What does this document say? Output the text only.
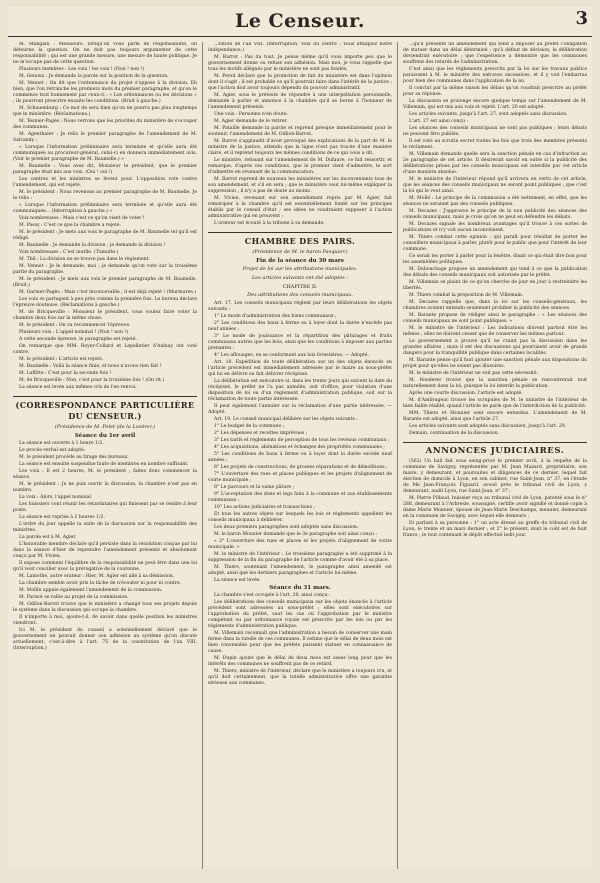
Le Censeur.	3

M. Mangain : Messieurs, lorsqu'on vous parle de responsabilité, on détourne la question. On ne doit pas toujours argumenter de cette responsabilité ; qui est une grande mesure, une mesure de haute politique. Je ne m'occupe pas de cette question.

Plusieurs membres : Les voix ! les voix ! (Non ! non !)

M. Genoux : Je demande la parole sur la position de la question.

M. Vennet : On dit que l'ordonnance du projet s'oppose à la division. Eh bien, que l'on retranche les premiers mots du premier paragraphe, et qu'on le commence tout bonnement par ceux-ci : « Les ordonnances ou les décisions » ; ils pourront prescrire ensuite les conditions. (Bruit à gauche.)

M. Schauenburg : Ce mot de sera bien qu'on ne pourra pas plus longtemps que le ministère. (Réclamations.)

M. Tesnier-Pagès : Nous verrons que les priorités du ministère de s'occuper des communes.

M. Agenthaler : Je relis le premier paragraphe de l'amendement de M. Salvandy :

« Lorsque l'information préliminaire sera terminée et qu'elle aura été communiquée au procureur-général, celui-ci en donnera immédiatement avis. (Voir le premier paragraphe de M. Baumelle.) »

M. Baumelle : Vous avez dit, Monsieur le président, que le premier paragraphe était mis aux voix. (Oui ! oui !)

Les centres et les ministres se lèvent pour. L'opposition vote contre l'amendement, qui est rejeté.

M. le président : Nous revenons au premier paragraphe de M. Baumelle. Je le relis :

« Lorsque l'information préliminaire sera terminée et qu'elle aura été communiquée... (Interruption à gauche.) »

Voix nombreuses : Mais c'est ce qu'on vient de voter !

M. Passy : C'est ce que la chambre a rejeté.

M. le président : Je mets aux voix le paragraphe de M. Baumelle tel qu'il est rédigé.

M. Baumelle : Je demande la division ; je demande la division !

Voix nombreuses : C'est inutile. (Tumulte.)

M. Thil : La division ne se trouve pas dans le règlement.

M. Vennet : Je le demande, moi ; je demande qu'on vote sur la troisième partie du paragraphe.

M. le président : Je mets aux voix le premier paragraphe de M. Baumelle. (Bruit.)

M. Garnier-Pagès : Mais c'est inconcevable ; il est déjà rejeté ! (Murmures.)

Les voix se partagent à peu près comme la première fois. Le bureau déclare l'épreuve douteuse. (Réclamations à gauche.)

M. de Bricqueville : Monsieur le président, vous voulez faire voter la chambre deux fois sur la même chose.

M. le président : On va recommencer l'épreuve.

Plusieurs voix : L'appel nominal ! (Non ! non !)

A cette seconde épreuve, le paragraphe est rejeté.

On remarque que MM. Royer-Collard et Lepelletier d'Aulnay ont voté contre.

M. le président : L'article est rejeté.

M. Baumelle : Voilà la séance finie, et nous n'avons rien fait !

M. Laffitte : C'est pour la seconde fois !

M. de Bricqueville : Non, c'est pour la troisième fois ! (On rit.)

La séance est levée aux mêmes cris de l'en renvoi.

(CORRESPONDANCE PARTICULIÈRE DU CENSEUR.)
(Présidence de M. Pelet (de la Lozère).)
Séance du 1er avril

La séance est ouverte à 1 heure 1/2.

Le procès-verbal est adopté.

M. le président procède au tirage des bureaux.

La séance est ensuite suspendue faute de membres en nombre suffisant.

Les voix : Il est 2 heures, M. le président ; faites donc commencer la séance.

M. le président : Je ne puis ouvrir la discussion, la chambre n'est pas en nombre.

La voix : Alors, l'appel nominal.

Les huissiers vont réunir les retardataires qui finissent par se rendre à leur poste.

La séance est reprise à 2 heures 1/2.

L'ordre du jour appelle la suite de la discussion sur la responsabilité des ministres.

La parole est à M. Agier.

L'honorable membre déclare qu'il persiste dans la résolution conçue par lui dans la séance d'hier de reprendre l'amendement présenté et absolument conçu par M. Vivien.

Il expose comment l'équilibre de la responsabilité ne peut être dans une loi qu'il veut concilier avec la prérogative de la couronne.

M. Lamothe, autre orateur : Hier, M. Agier est allé à sa démission.

La chambre semble avoir pris la tâche de n'écouter ni pour ni contre.

M. Mollin appuie également l'amendement de la commission.

M. Parisot se rallie au projet de la commission.

M. Odilon-Barrot trouve que le ministère a changé tous ses projets depuis le système dans la discussion qui occupe la chambre.

Il n'importe à moi, ajoute-t-il, de savoir dans quelle position les ministres viendront.

Ici M. le président du conseil a solennellement déclaré que le gouvernement ne pouvait donner son adhésion au système qu'on discute actuellement, c'est-à-dire à l'art. 75 de la constitution de l'an VIII. (Interruption.)

...tution de l'an VIII. (Interruption. Voix du centre : Vous attaquez notre indépendance.)

M. Barrot : Pas du tout. Je pense même qu'il vous importe peu que le gouvernement donne ou refuse son adhésion. Mais moi, je vous rappelle que tous les motifs allégués par le ministère ne sont pas fondés.

M. Persil déclare que la protection de fait du ministère est dans l'opinion dont il s'agit ; il est probable ce qu'il pourrait faire dans l'intérêt de la justice ; que l'action doit avoir toujours dépendu du pouvoir administratif.

M. Agier, sous le prétexte de répondre à une interpellation personnelle, demande à parler et annonce à la chambre qu'il se borne à l'honneur de l'amendement présenté.

Une voix : Personne n'en doute.

M. Agier demande de le retirer.

M. Pataille demande la parole et reprend presque immédiatement pour le soutenir, l'amendement de M. Odilon-Barrot.

M. Barrot s'applaudit d'avoir provoqué des explications de la part de M. le ministre de la justice, attendu que la ligne n'est pas tracée d'une manière claire, et il reprend toujours les mêmes conditions de ce qui vous a dit.

Le ministre, refusant sur l'amendement de M. Dufaure, ce fait ressortir, et remarque, d'après ces conditions, que le premier vient d'admettre, le sort d'admettre en revenant de la communication.

M. Barrot reprend de nouveau les ministères sur les inconvenients tous de son amendement, et s'il en sera ; que le ministère veut lui-même expliquer la suppression ; il n'y a pas de doute au moins.

M. Vivien, revenant sur son amendement repris par M. Agier, fait remarquer à la chambre qu'il est essentiellement fondé sur les principes établis par le conseil d'état ; ses idées ne voudraient supposer à l'action administrative qui en prouvent ;

L'orateur est écouté à la tribune à sa demande.

CHAMBRE DES PAIRS.
(Présidence de M. le baron Pasquier.)
Fin de la séance du 30 mars
Projet de loi sur les attributions municipales.
Les articles suivants ont été adoptés :
CHAPITRE II.
Des attributions des conseils municipaux.

Art. 17. Les conseils municipaux règlent par leurs délibérations les objets suivants :

1° Le mode d'administration des biens communaux ;

2° Les conditions des baux à ferme ou à loyer dont la durée n'excède pas neuf années ;

3° Le mode de jouissance et la répartition des pâturages et fruits communaux autres que les bois, ainsi que les conditions à imposer aux parties prenantes ;

4° Les affouages, en se conformant aux lois forestières. — Adopté.

Art. 18. Expédition de toute délibération sur un des objets énoncés en l'article précédent est immédiatement adressée par le maire au sous-préfet qui lui en délivre ou fait délivrer récépissé.

La délibération est exécutoire si, dans les trente jours qui suivent la date du récépissé, le préfet ne l'a pas annulée, soit d'office, pour violation d'une disposition de loi ou d'un règlement d'administration publique, soit sur la réclamation de toute partie intéressée.

Il peut également l'annuler sur la réclamation d'une partie intéressée. — Adopté.

Art. 19. Le conseil municipal délibère sur les objets suivants :

1° Le budget de la commune ;

2° Les dépenses et recettes imprévues ;

3° Les tarifs et règlements de perception de tous les revenus communaux ;

4° Les acquisitions, aliénations et échanges des propriétés communales ;

5° Les conditions de baux à ferme ou à loyer dont la durée excède neuf années ;

6° Les projets de constructions, de grosses réparations et de démolitions ;

7° L'ouverture des rues et places publiques et les projets d'alignement de voirie municipale ;

8° Le parcours et la vaine pâture ;

9° L'acceptation des dons et legs faits à la commune et aux établissements communaux ;

10° Les actions judiciaires et transactions ;

Et tous les autres objets sur lesquels les lois et règlements appellent les conseils municipaux à délibérer.

Les deux premiers paragraphes sont adoptés sans discussion.

M. le baron Mounier demande que le 3e paragraphe soit ainsi conçu :

« 3° L'ouverture des rues et places et les projets d'alignement de voirie municipale. »

M. le ministre de l'intérieur : Le troisième paragraphe a été supprimé à la suppression de la fin du paragraphe de l'article comme d'avoir été à sa place.

M. Thiers, soutenant l'amendement, le paragraphe ainsi amendé est adopté, ainsi que les derniers paragraphes et l'article lui-même.

La séance est levée.

Séance du 31 mars.

La chambre s'est occupée à l'art. 20, ainsi conçu :

Les délibérations des conseils municipaux sur les objets énoncés à l'article précédent sont adressées au sous-préfet ; elles sont exécutoires sur l'approbation du préfet, sauf les cas où l'approbation par le ministre compétent ou par ordonnance royale est prescrite par les lois ou par les règlements d'administration publique.

M. Villemain reconnaît que l'administration a besoin de conserver une main ferme dans la tutelle de ces communes. Il estime que le délai de deux mois est bien convenable pour que les préfets puissent statuer en connaissance de cause.

M. Dupin ajoute que le délai de deux mois est assez long pour que les intérêts des communes ne souffrent pas de ce retard.

M. Thiers, ministre de l'intérieur, déclare que le ministère a toujours cru, et qu'il doit certainement, que la tutelle administrative offre une garantie sérieuse aux communes.

...qu'il présente un amendement qui tend à imposer au préfet l'obligation de statuer dans un délai déterminé ; qu'à défaut de décision, la délibération deviendrait exécutoire ; que l'expérience a démontré que les communes souffrent des retards de l'administration.

C'est ainsi que les règlements prescrits par la loi sur les travaux publics paraissent à M. le ministre des entraves excessives, et il y voit l'embarras pour bien des communes dans l'application de la loi.

Il conclut par la même raison les délais qu'on voudrait prescrire au préfet pour sa réponse.

La discussion se prolonge encore quelque temps sur l'amendement de M. Villemain, qui est mis aux voix et rejeté. L'art. 20 est adopté.

Les articles suivants, jusqu'à l'art. 27, sont adoptés sans discussion.

L'art. 27 est ainsi conçu :

Les séances des conseils municipaux ne sont pas publiques ; leurs débats ne peuvent être publiés.

Il est voté au scrutin secret toutes les fois que trois des membres présents le réclament.

M. Villemain demande quelle sera la sanction pénale en cas d'infraction au 2e paragraphe de cet article. Il désirerait savoir en outre si la publicité des délibérations prises par les conseils municipaux est interdite par cet article d'une manière absolue.

M. le ministre de l'intérieur répond qu'il arrivera en vertu de cet article, que les séances des conseils municipaux ne seront point publiques ; que c'est la loi qui le veut ainsi.

M. Mollé : Le principe de la commission a été nettement, en effet, que les séances ne seraient pas des conseils publiques.

M. Decazes : J'approuve le principe de la non publicité des séances des conseils municipaux, mais je crois qu'on ne peut en défendre les débats.

M. Decazes signale les nombreux avantages qu'il trouve à ces sortes de publications et n'y voit aucun inconvénient.

M. Thiers combat cette opinion ; qui paraît pour résultat de porter les conseillers municipaux à parler, plutôt pour le public que pour l'intérêt de leur commune.

Ce serait les porter à parler pour la fenêtre, disait ce qui était dire bon pour les assemblées politiques.

M. Dubouchage propose un amendement qui tend à ce que la publication des débats des conseils municipaux soit autorisée par le préfet.

M. Villemain se plaint de ce qu'on cherche de jour en jour à restreindre les libertés.

M. Thiers combat la proposition de M. Villemain.

M. Decazes rappelle que, dans la loi sur les conseils-généraux, les chambres avaient entendu seulement prohiber la publicité des séances.

M. Barante propose de rédiger ainsi le paragraphe : « Les séances des conseils municipaux ne sont point publiques. »

M. le ministre de l'intérieur : Les indications doivent partout être les mêmes ; elles ne doivent cesser que de conserver les mêmes partout.

Le gouvernement a prouvé qu'il ne craint pas la discussion dans les grandes affaires ; mais il est des discussions qui pourraient avoir de grands dangers pour la tranquillité publique dans certaines localités.

M. Barante pense qu'il faut ajouter une sanction pénale aux dispositions du projet pour qu'elles ne soient pas illusoires.

M. le ministre de l'intérieur ne voit pas cette nécessité.

M. Roederer trouve que la sanction pénale se rencontrerait tout naturellement dans la loi, puisque la loi interdit la publication.

Après une courte discussion, l'article est adopté.

M. d'Ambrugeac trouve les scrupules de M. le ministre de l'intérieur de bien faible réalité, quand l'article ne parle que de l'interdiction de la publicité.

MM. Thiers et Mounier sont encore entendus. L'amendement de M. Barante est adopté, ainsi que l'article 27.

Les articles suivants sont adoptés sans discussion, jusqu'à l'art. 29.

Demain, continuation de la discussion.

ANNONCES JUDICIAIRES.

(562) Un bail fait sous seing-privé le premier avril, à la requête de la commune de Savigny, représentée par M. Jean Mazard, propriétaire, son maire, y demeurant, et poursuites et diligences de ce dernier, lequel fait élection de domicile à Lyon, en son cabinet, rue Saint-Jean, n° 37, en l'étude de Me Jean-François Figuard, avoué près le tribunal civil de Lyon, y demeurant, audit Lyon, rue Saint-Jean, n° 37 ;

M. Pierre Pillaud, huissier reçu au tribunal civil de Lyon, patenté sous le n° 288, demeurant à l'Arbresle, soussigné, certifie avoir signifié et donné copie à dame Marie Monnier, épouse de Jean-Marie Deschamps, meunier, demeurant en la commune de Savigny, avec lequel elle demeure ;

Et parlant à sa personne : 1° un acte dressé au greffe du tribunal civil de Lyon, le trente et un mars dernier ; et 2° le présent, dont le coût est de huit francs ; le tout contenant le dépôt effectué ledit jour.
